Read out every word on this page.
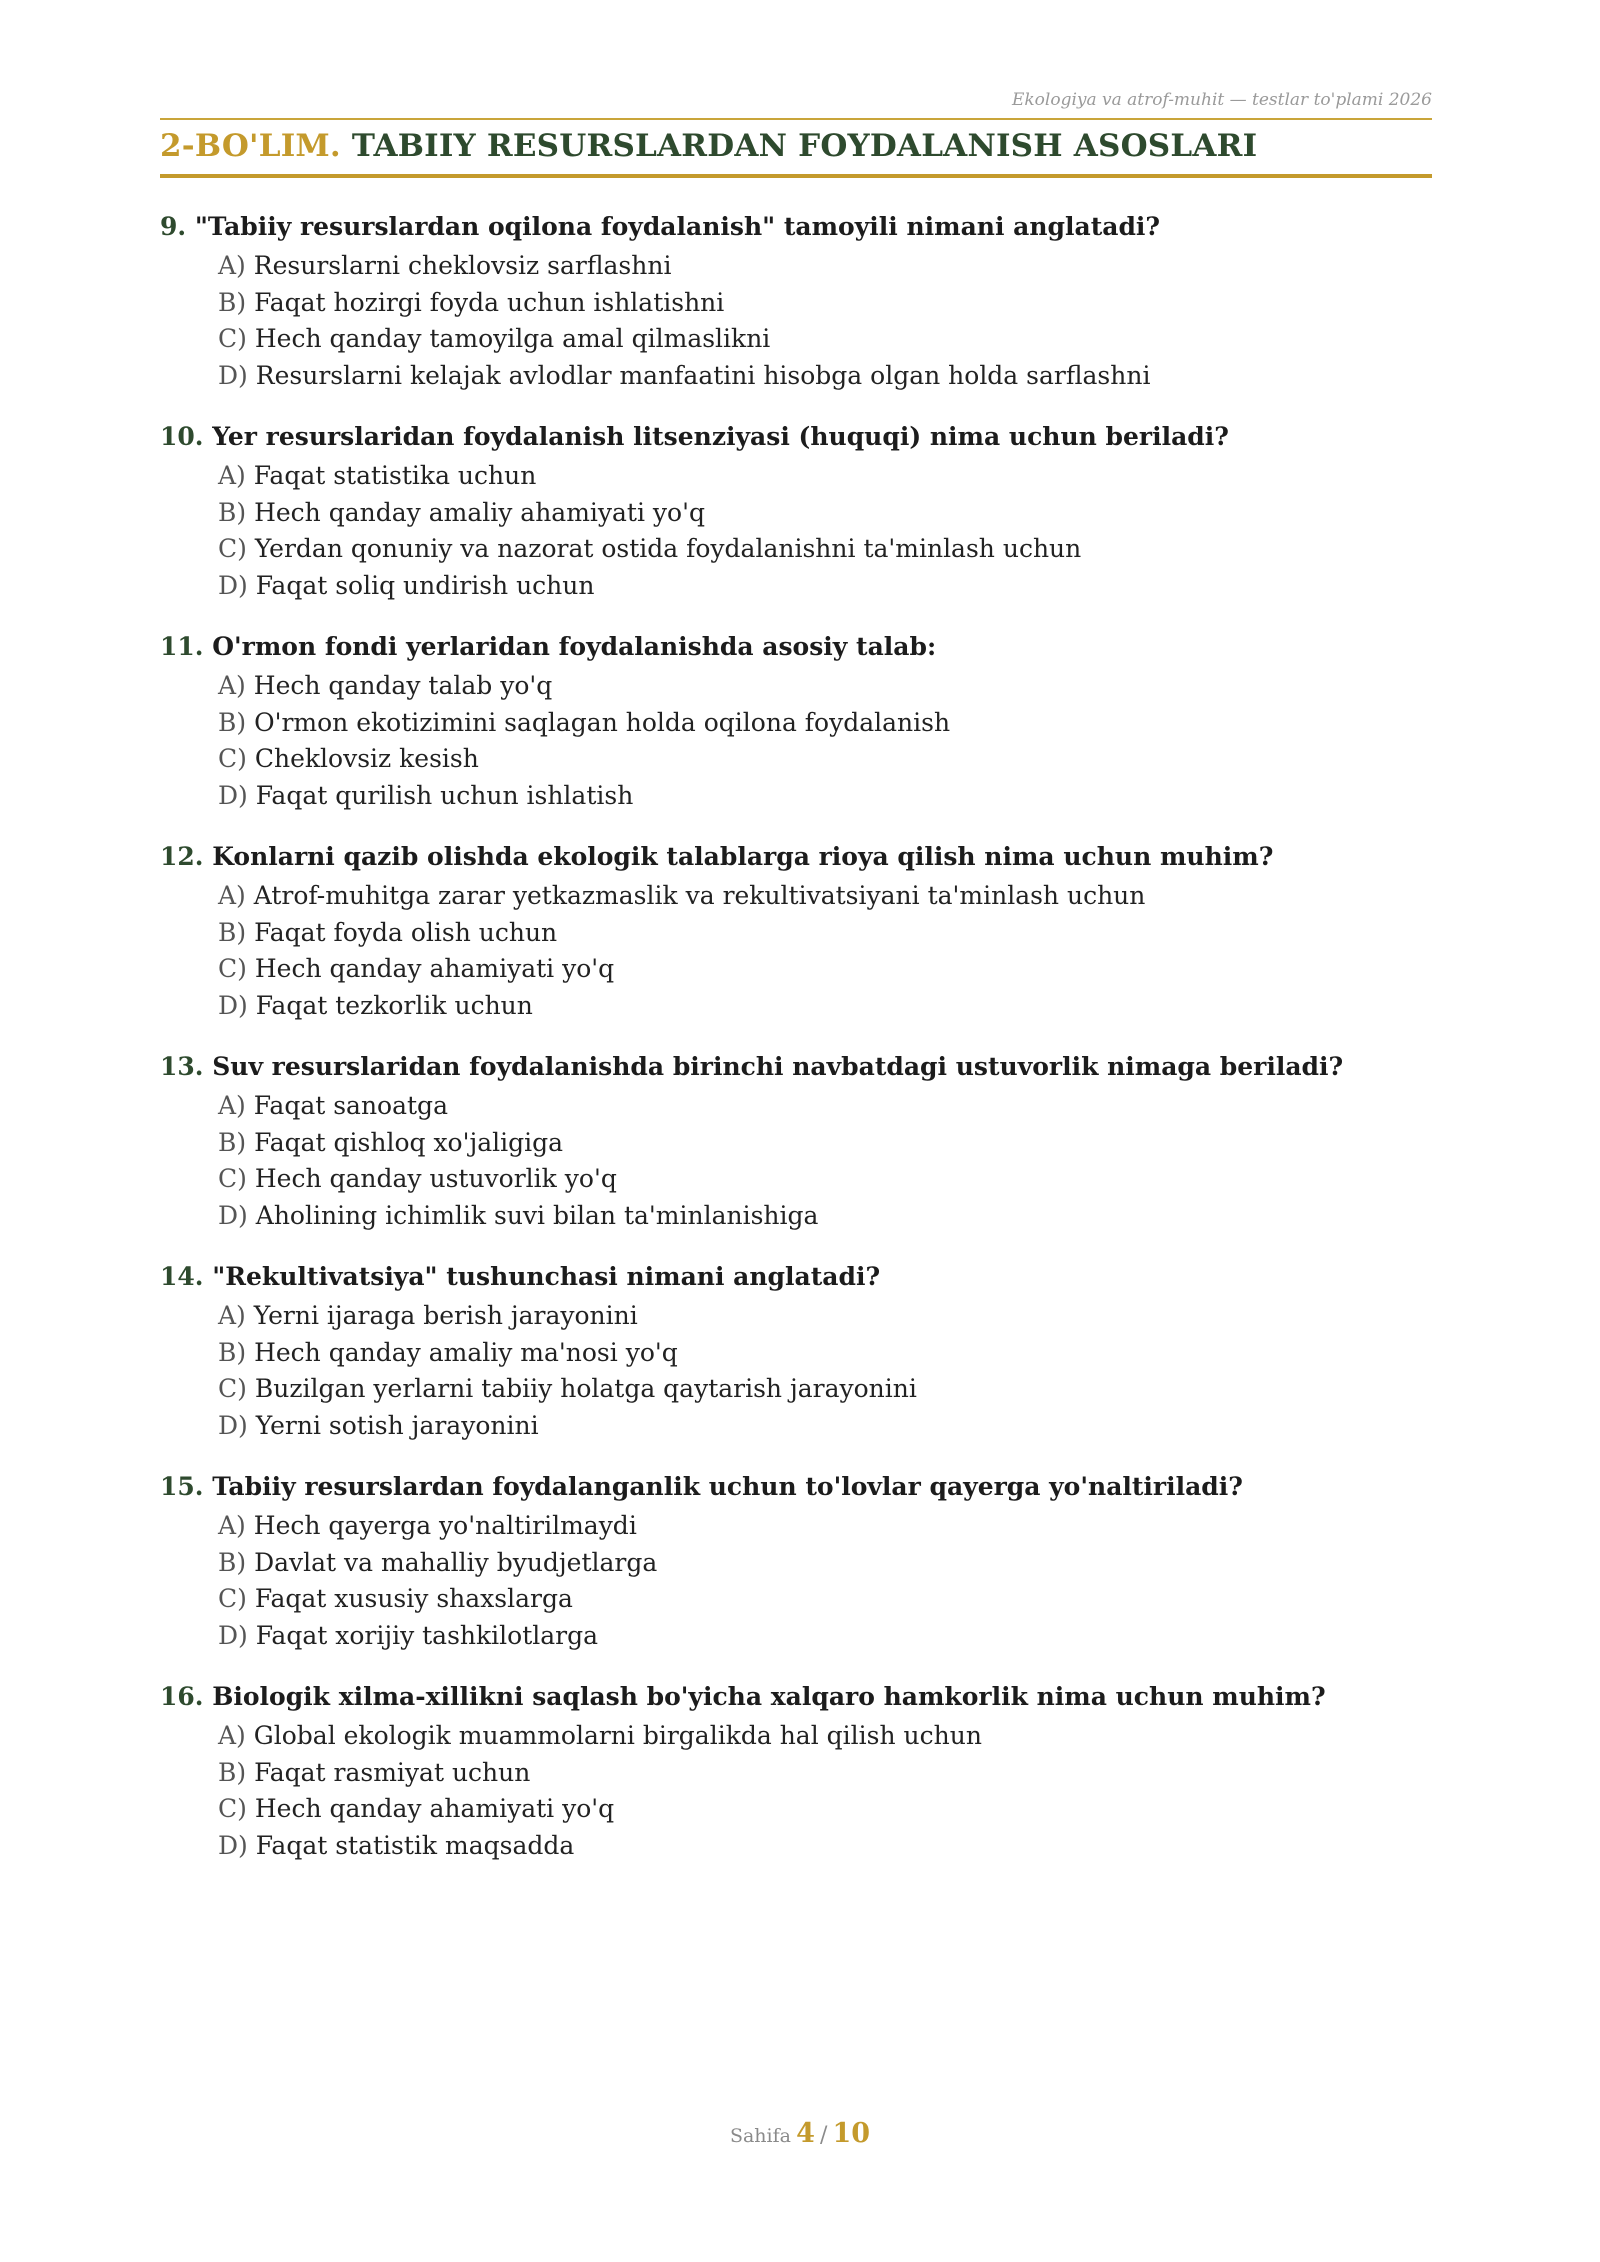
Ekologiya va atrof-muhit — testlar to'plami 2026
2-BO'LIM. TABIIY RESURSLARDAN FOYDALANISH ASOSLARI
9. "Tabiiy resurslardan oqilona foydalanish" tamoyili nimani anglatadi?
A) Resurslarni cheklovsiz sarflashni
B) Faqat hozirgi foyda uchun ishlatishni
C) Hech qanday tamoyilga amal qilmaslikni
D) Resurslarni kelajak avlodlar manfaatini hisobga olgan holda sarflashni
10. Yer resurslaridan foydalanish litsenziyasi (huquqi) nima uchun beriladi?
A) Faqat statistika uchun
B) Hech qanday amaliy ahamiyati yo'q
C) Yerdan qonuniy va nazorat ostida foydalanishni ta'minlash uchun
D) Faqat soliq undirish uchun
11. O'rmon fondi yerlaridan foydalanishda asosiy talab:
A) Hech qanday talab yo'q
B) O'rmon ekotizimini saqlagan holda oqilona foydalanish
C) Cheklovsiz kesish
D) Faqat qurilish uchun ishlatish
12. Konlarni qazib olishda ekologik talablarga rioya qilish nima uchun muhim?
A) Atrof-muhitga zarar yetkazmaslik va rekultivatsiyani ta'minlash uchun
B) Faqat foyda olish uchun
C) Hech qanday ahamiyati yo'q
D) Faqat tezkorlik uchun
13. Suv resurslaridan foydalanishda birinchi navbatdagi ustuvorlik nimaga beriladi?
A) Faqat sanoatga
B) Faqat qishloq xo'jaligiga
C) Hech qanday ustuvorlik yo'q
D) Aholining ichimlik suvi bilan ta'minlanishiga
14. "Rekultivatsiya" tushunchasi nimani anglatadi?
A) Yerni ijaraga berish jarayonini
B) Hech qanday amaliy ma'nosi yo'q
C) Buzilgan yerlarni tabiiy holatga qaytarish jarayonini
D) Yerni sotish jarayonini
15. Tabiiy resurslardan foydalanganlik uchun to'lovlar qayerga yo'naltiriladi?
A) Hech qayerga yo'naltirilmaydi
B) Davlat va mahalliy byudjetlarga
C) Faqat xususiy shaxslarga
D) Faqat xorijiy tashkilotlarga
16. Biologik xilma-xillikni saqlash bo'yicha xalqaro hamkorlik nima uchun muhim?
A) Global ekologik muammolarni birgalikda hal qilish uchun
B) Faqat rasmiyat uchun
C) Hech qanday ahamiyati yo'q
D) Faqat statistik maqsadda
Sahifa 4 / 10
